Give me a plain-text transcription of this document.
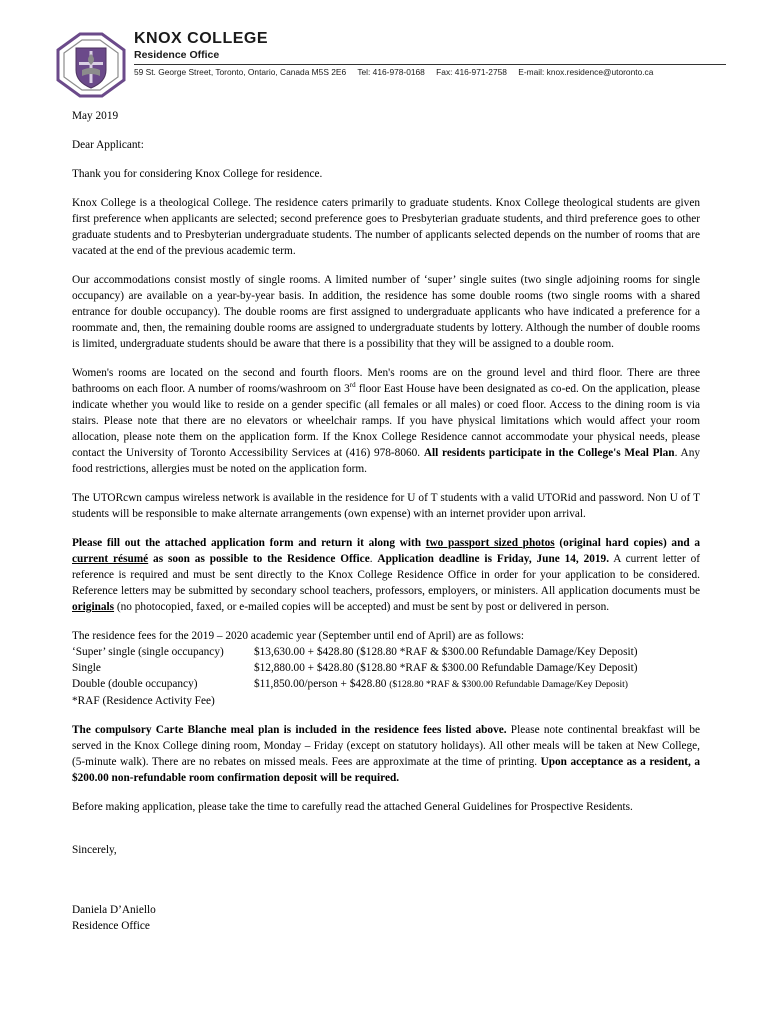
KNOX COLLEGE
Residence Office
59 St. George Street, Toronto, Ontario, Canada M5S 2E6 Tel: 416-978-0168 Fax: 416-971-2758 E-mail: knox.residence@utoronto.ca

May 2019

Dear Applicant:

Thank you for considering Knox College for residence.

Knox College is a theological College. The residence caters primarily to graduate students. Knox College theological students are given first preference when applicants are selected; second preference goes to Presbyterian graduate students, and third preference goes to other graduate students and to Presbyterian undergraduate students. The number of applicants selected depends on the number of rooms that are vacated at the end of the previous academic term.

Our accommodations consist mostly of single rooms. A limited number of ‘super’ single suites (two single adjoining rooms for single occupancy) are available on a year-by-year basis. In addition, the residence has some double rooms (two single rooms with a shared entrance for double occupancy). The double rooms are first assigned to undergraduate applicants who have indicated a preference for a roommate and, then, the remaining double rooms are assigned to undergraduate students by lottery. Although the number of double rooms is limited, undergraduate students should be aware that there is a possibility that they will be assigned to a double room.

Women's rooms are located on the second and fourth floors. Men's rooms are on the ground level and third floor. There are three bathrooms on each floor. A number of rooms/washroom on 3rd floor East House have been designated as co-ed. On the application, please indicate whether you would like to reside on a gender specific (all females or all males) or coed floor. Access to the dining room is via stairs. Please note that there are no elevators or wheelchair ramps. If you have physical limitations which would affect your room allocation, please note them on the application form. If the Knox College Residence cannot accommodate your physical needs, please contact the University of Toronto Accessibility Services at (416) 978-8060. All residents participate in the College's Meal Plan. Any food restrictions, allergies must be noted on the application form.

The UTORcwn campus wireless network is available in the residence for U of T students with a valid UTORid and password. Non U of T students will be responsible to make alternate arrangements (own expense) with an internet provider upon arrival.

Please fill out the attached application form and return it along with two passport sized photos (original hard copies) and a current résumé as soon as possible to the Residence Office. Application deadline is Friday, June 14, 2019. A current letter of reference is required and must be sent directly to the Knox College Residence Office in order for your application to be considered. Reference letters may be submitted by secondary school teachers, professors, employers, or ministers. All application documents must be originals (no photocopied, faxed, or e-mailed copies will be accepted) and must be sent by post or delivered in person.

The residence fees for the 2019 – 2020 academic year (September until end of April) are as follows:
‘Super’ single (single occupancy)	$13,630.00 + $428.80 ($128.80 *RAF & $300.00 Refundable Damage/Key Deposit)
Single	$12,880.00 + $428.80 ($128.80 *RAF & $300.00 Refundable Damage/Key Deposit)
Double (double occupancy)	$11,850.00/person + $428.80 ($128.80 *RAF & $300.00 Refundable Damage/Key Deposit)
*RAF (Residence Activity Fee)	

The compulsory Carte Blanche meal plan is included in the residence fees listed above. Please note continental breakfast will be served in the Knox College dining room, Monday – Friday (except on statutory holidays). All other meals will be taken at New College, (5-minute walk). There are no rebates on missed meals. Fees are approximate at the time of printing. Upon acceptance as a resident, a $200.00 non-refundable room confirmation deposit will be required.

Before making application, please take the time to carefully read the attached General Guidelines for Prospective Residents.

Sincerely,
Daniela D’Aniello
Residence Office
